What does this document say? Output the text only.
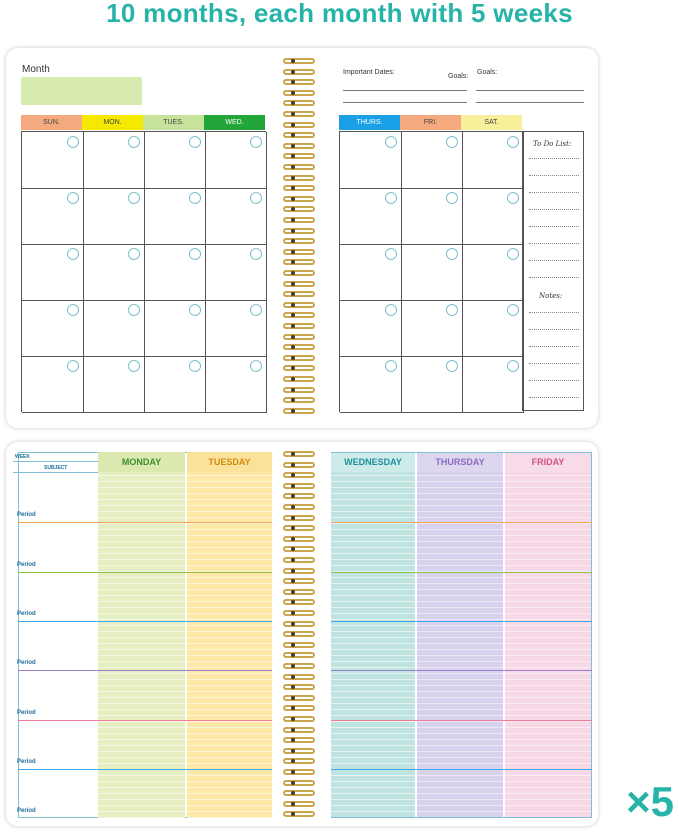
10 months, each month with 5 weeks
Month	Important Dates:
Goals:
Goals:
To Do List:
Notes:
SUN.	MON.	TUES.	WED.	THURS.	FRI.	SAT.
WEEK
SUBJECT
MONDAY	TUESDAY	WEDNESDAY	THURSDAY	FRIDAY
Period
Period
Period
Period
Period
Period
Period	×5
